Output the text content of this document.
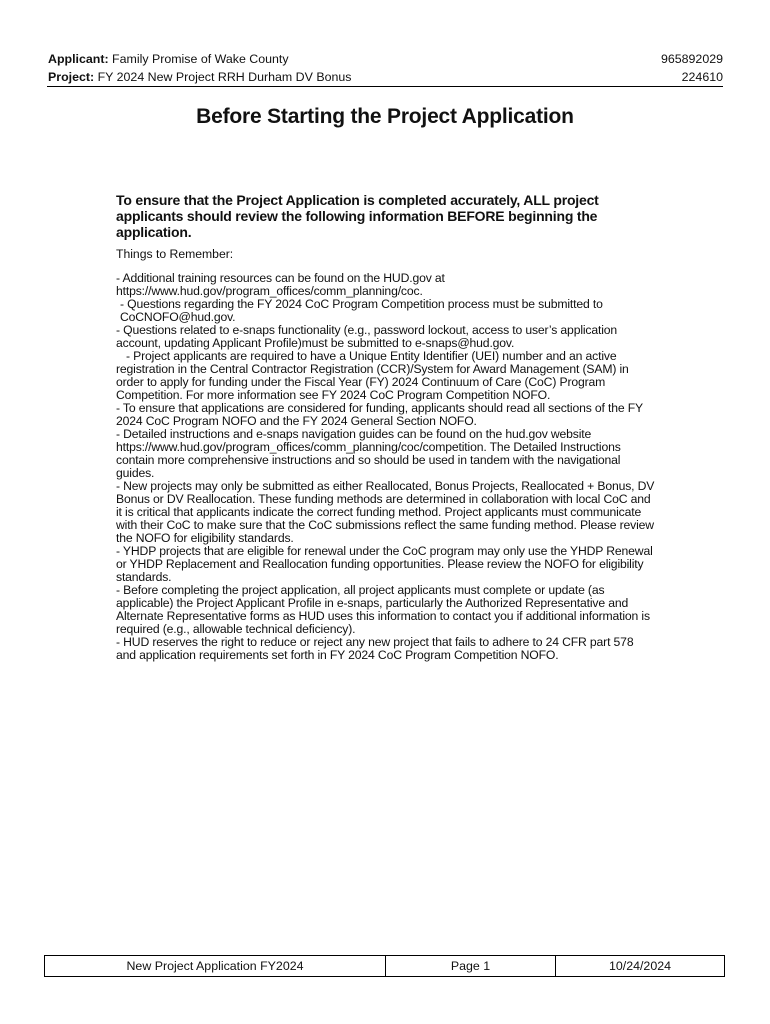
Applicant: Family Promise of Wake County
Project: FY 2024 New Project RRH Durham DV Bonus
965892029
224610
Before Starting the Project Application
To ensure that the Project Application is completed accurately, ALL project applicants should review the following information BEFORE beginning the application.
Things to Remember:

- Additional training resources can be found on the HUD.gov at https://www.hud.gov/program_offices/comm_planning/coc.

- Questions regarding the FY 2024 CoC Program Competition process must be submitted to CoCNOFO@hud.gov.

- Questions related to e-snaps functionality (e.g., password lockout, access to user’s application account, updating Applicant Profile)must be submitted to e-snaps@hud.gov.

- Project applicants are required to have a Unique Entity Identifier (UEI) number and an active registration in the Central Contractor Registration (CCR)/System for Award Management (SAM) in order to apply for funding under the Fiscal Year (FY) 2024 Continuum of Care (CoC) Program Competition. For more information see FY 2024 CoC Program Competition NOFO.

- To ensure that applications are considered for funding, applicants should read all sections of the FY 2024 CoC Program NOFO and the FY 2024 General Section NOFO.

- Detailed instructions and e-snaps navigation guides can be found on the hud.gov website https://www.hud.gov/program_offices/comm_planning/coc/competition. The Detailed Instructions contain more comprehensive instructions and so should be used in tandem with the navigational guides.

- New projects may only be submitted as either Reallocated, Bonus Projects, Reallocated + Bonus, DV Bonus or DV Reallocation. These funding methods are determined in collaboration with local CoC and it is critical that applicants indicate the correct funding method. Project applicants must communicate with their CoC to make sure that the CoC submissions reflect the same funding method. Please review the NOFO for eligibility standards.

- YHDP projects that are eligible for renewal under the CoC program may only use the YHDP Renewal or YHDP Replacement and Reallocation funding opportunities. Please review the NOFO for eligibility standards.

- Before completing the project application, all project applicants must complete or update (as applicable) the Project Applicant Profile in e-snaps, particularly the Authorized Representative and Alternate Representative forms as HUD uses this information to contact you if additional information is required (e.g., allowable technical deficiency).

- HUD reserves the right to reduce or reject any new project that fails to adhere to 24 CFR part 578 and application requirements set forth in FY 2024 CoC Program Competition NOFO.

New Project Application FY2024	Page 1	10/24/2024
